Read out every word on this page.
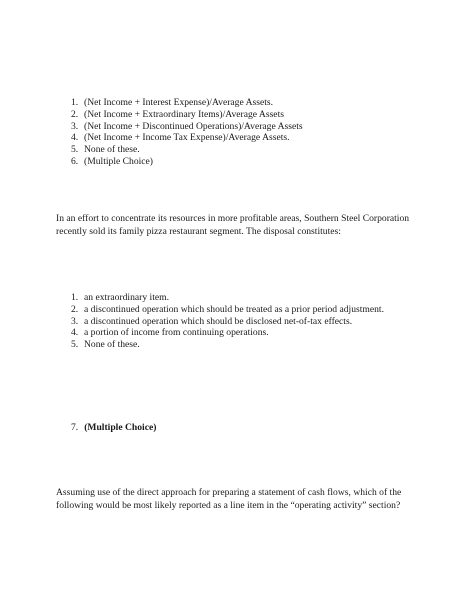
1. (Net Income + Interest Expense)/Average Assets.
2. (Net Income + Extraordinary Items)/Average Assets
3. (Net Income + Discontinued Operations)/Average Assets
4. (Net Income + Income Tax Expense)/Average Assets.
5. None of these.
6. (Multiple Choice)

In an effort to concentrate its resources in more profitable areas, Southern Steel Corporation recently sold its family pizza restaurant segment. The disposal constitutes:

1. an extraordinary item.
2. a discontinued operation which should be treated as a prior period adjustment.
3. a discontinued operation which should be disclosed net-of-tax effects.
4. a portion of income from continuing operations.
5. None of these.
7. (Multiple Choice)

Assuming use of the direct approach for preparing a statement of cash flows, which of the following would be most likely reported as a line item in the “operating activity” section?
